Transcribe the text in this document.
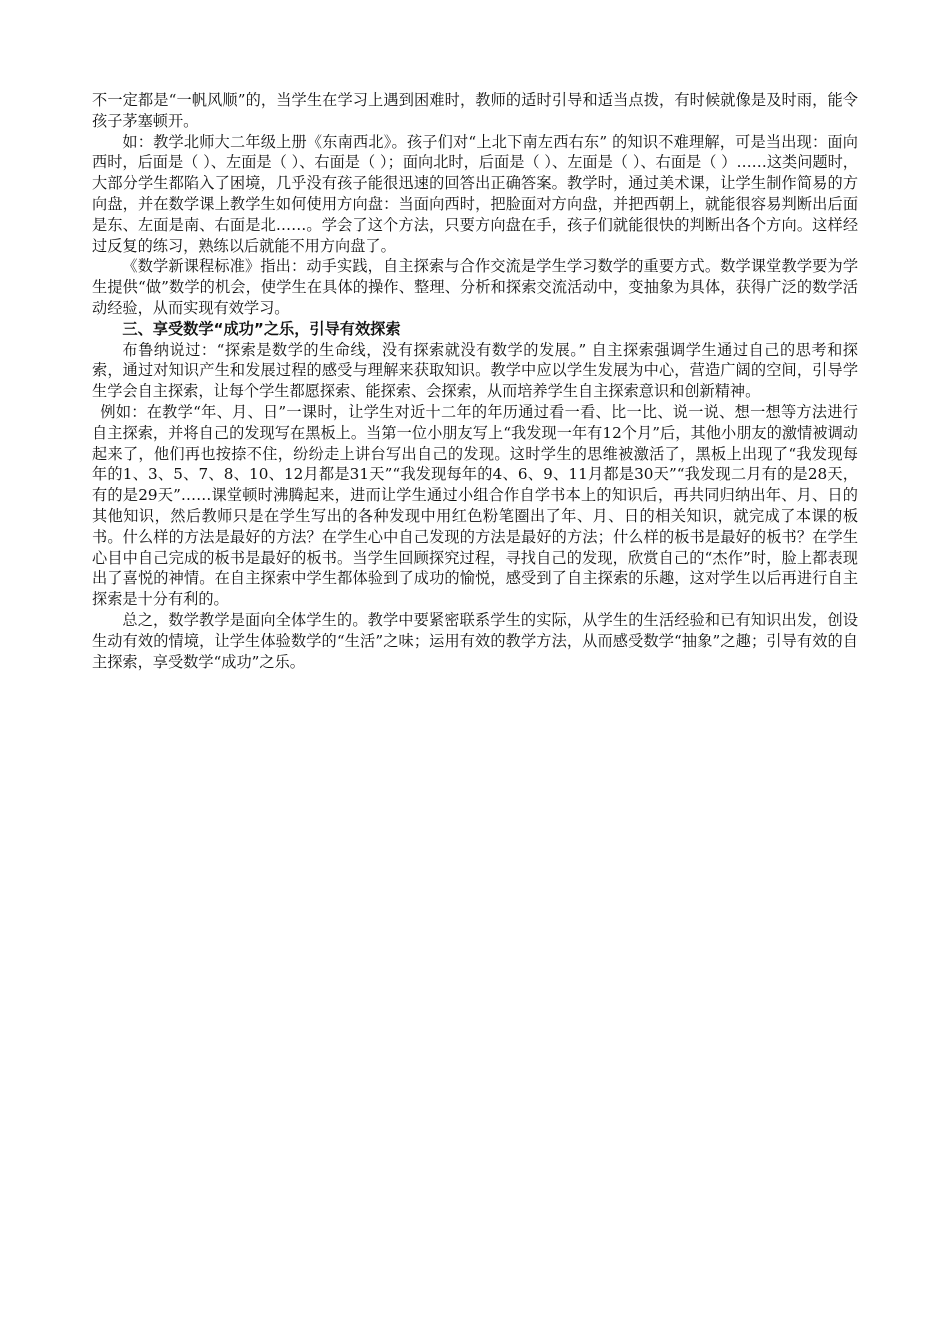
不一定都是“一帆风顺”的，当学生在学习上遇到困难时，教师的适时引导和适当点拨，有时候就像是及时雨，能令孩子茅塞顿开。

如：教学北师大二年级上册《东南西北》。孩子们对“上北下南左西右东” 的知识不难理解，可是当出现：面向西时，后面是（ ）、左面是（ ）、右面是（ ）；面向北时，后面是（ ）、左面是（ ）、右面是（ ）……这类问题时，大部分学生都陷入了困境，几乎没有孩子能很迅速的回答出正确答案。教学时，通过美术课，让学生制作简易的方向盘，并在数学课上教学生如何使用方向盘：当面向西时，把脸面对方向盘，并把西朝上，就能很容易判断出后面是东、左面是南、右面是北……。学会了这个方法，只要方向盘在手，孩子们就能很快的判断出各个方向。这样经过反复的练习，熟练以后就能不用方向盘了。

《数学新课程标准》指出：动手实践，自主探索与合作交流是学生学习数学的重要方式。数学课堂教学要为学生提供“做”数学的机会，使学生在具体的操作、整理、分析和探索交流活动中，变抽象为具体，获得广泛的数学活动经验，从而实现有效学习。

三、享受数学“成功”之乐，引导有效探索

布鲁纳说过：“探索是数学的生命线，没有探索就没有数学的发展。” 自主探索强调学生通过自己的思考和探索，通过对知识产生和发展过程的感受与理解来获取知识。教学中应以学生发展为中心，营造广阔的空间，引导学生学会自主探索，让每个学生都愿探索、能探索、会探索，从而培养学生自主探索意识和创新精神。

例如：在教学“年、月、日”一课时，让学生对近十二年的年历通过看一看、比一比、说一说、想一想等方法进行自主探索，并将自己的发现写在黑板上。当第一位小朋友写上“我发现一年有12个月”后，其他小朋友的激情被调动起来了，他们再也按捺不住，纷纷走上讲台写出自己的发现。这时学生的思维被激活了，黑板上出现了“我发现每年的1、3、5、7、8、10、12月都是31天”“我发现每年的4、6、9、11月都是30天”“我发现二月有的是28天，有的是29天”……课堂顿时沸腾起来，进而让学生通过小组合作自学书本上的知识后，再共同归纳出年、月、日的其他知识，然后教师只是在学生写出的各种发现中用红色粉笔圈出了年、月、日的相关知识，就完成了本课的板书。什么样的方法是最好的方法？在学生心中自己发现的方法是最好的方法；什么样的板书是最好的板书？在学生心目中自己完成的板书是最好的板书。当学生回顾探究过程，寻找自己的发现，欣赏自己的“杰作”时，脸上都表现出了喜悦的神情。在自主探索中学生都体验到了成功的愉悦，感受到了自主探索的乐趣，这对学生以后再进行自主探索是十分有利的。

总之，数学教学是面向全体学生的。教学中要紧密联系学生的实际，从学生的生活经验和已有知识出发，创设生动有效的情境，让学生体验数学的“生活”之味；运用有效的教学方法，从而感受数学“抽象”之趣；引导有效的自主探索，享受数学“成功”之乐。
